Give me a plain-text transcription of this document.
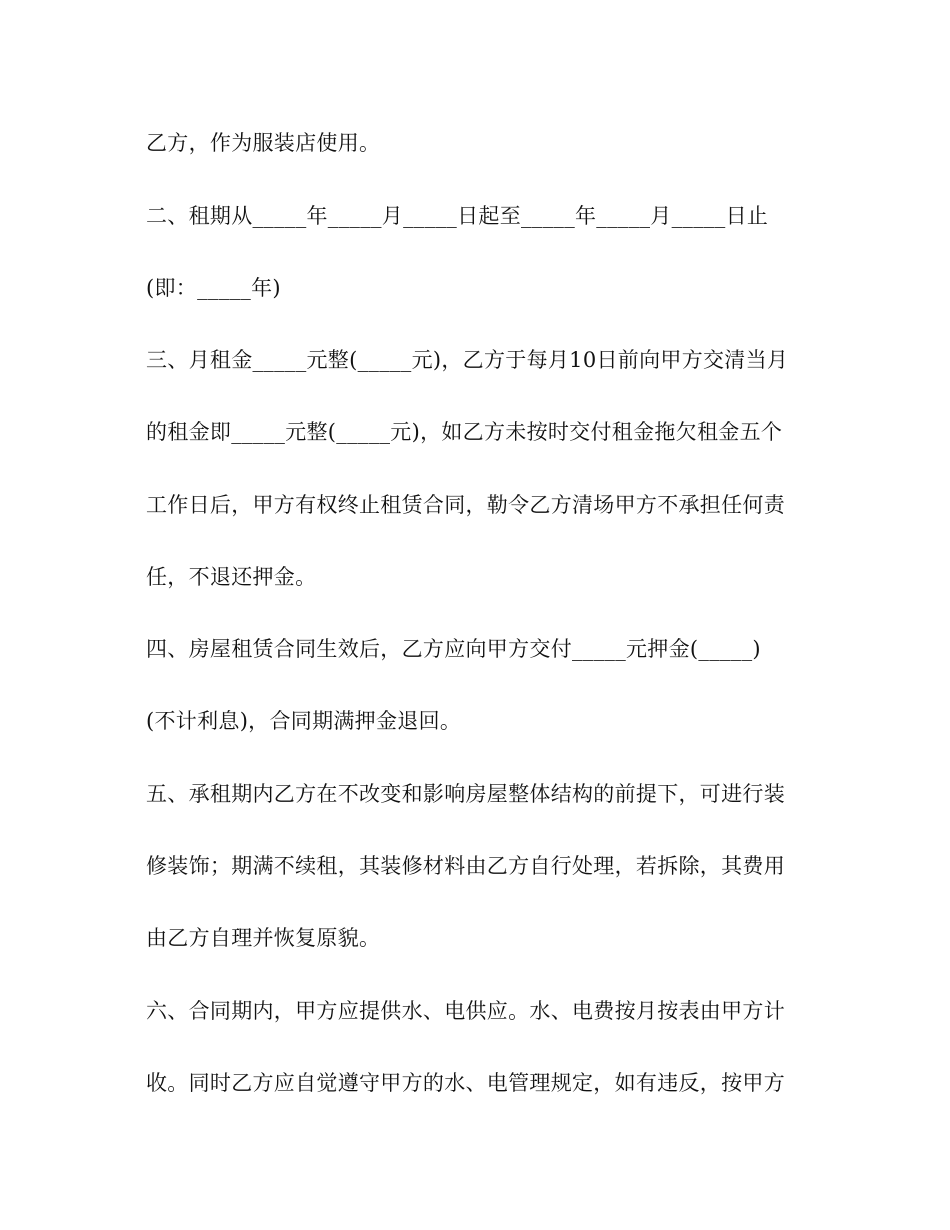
乙方，作为服装店使用。
二、租期从_____年_____月_____日起至_____年_____月_____日止
(即：_____年)
三、月租金_____元整(_____元)，乙方于每月10日前向甲方交清当月
的租金即_____元整(_____元)，如乙方未按时交付租金拖欠租金五个
工作日后，甲方有权终止租赁合同，勒令乙方清场甲方不承担任何责
任，不退还押金。
四、房屋租赁合同生效后，乙方应向甲方交付_____元押金(_____)
(不计利息)，合同期满押金退回。
五、承租期内乙方在不改变和影响房屋整体结构的前提下，可进行装
修装饰；期满不续租，其装修材料由乙方自行处理，若拆除，其费用
由乙方自理并恢复原貌。
六、合同期内，甲方应提供水、电供应。水、电费按月按表由甲方计
收。同时乙方应自觉遵守甲方的水、电管理规定，如有违反，按甲方
